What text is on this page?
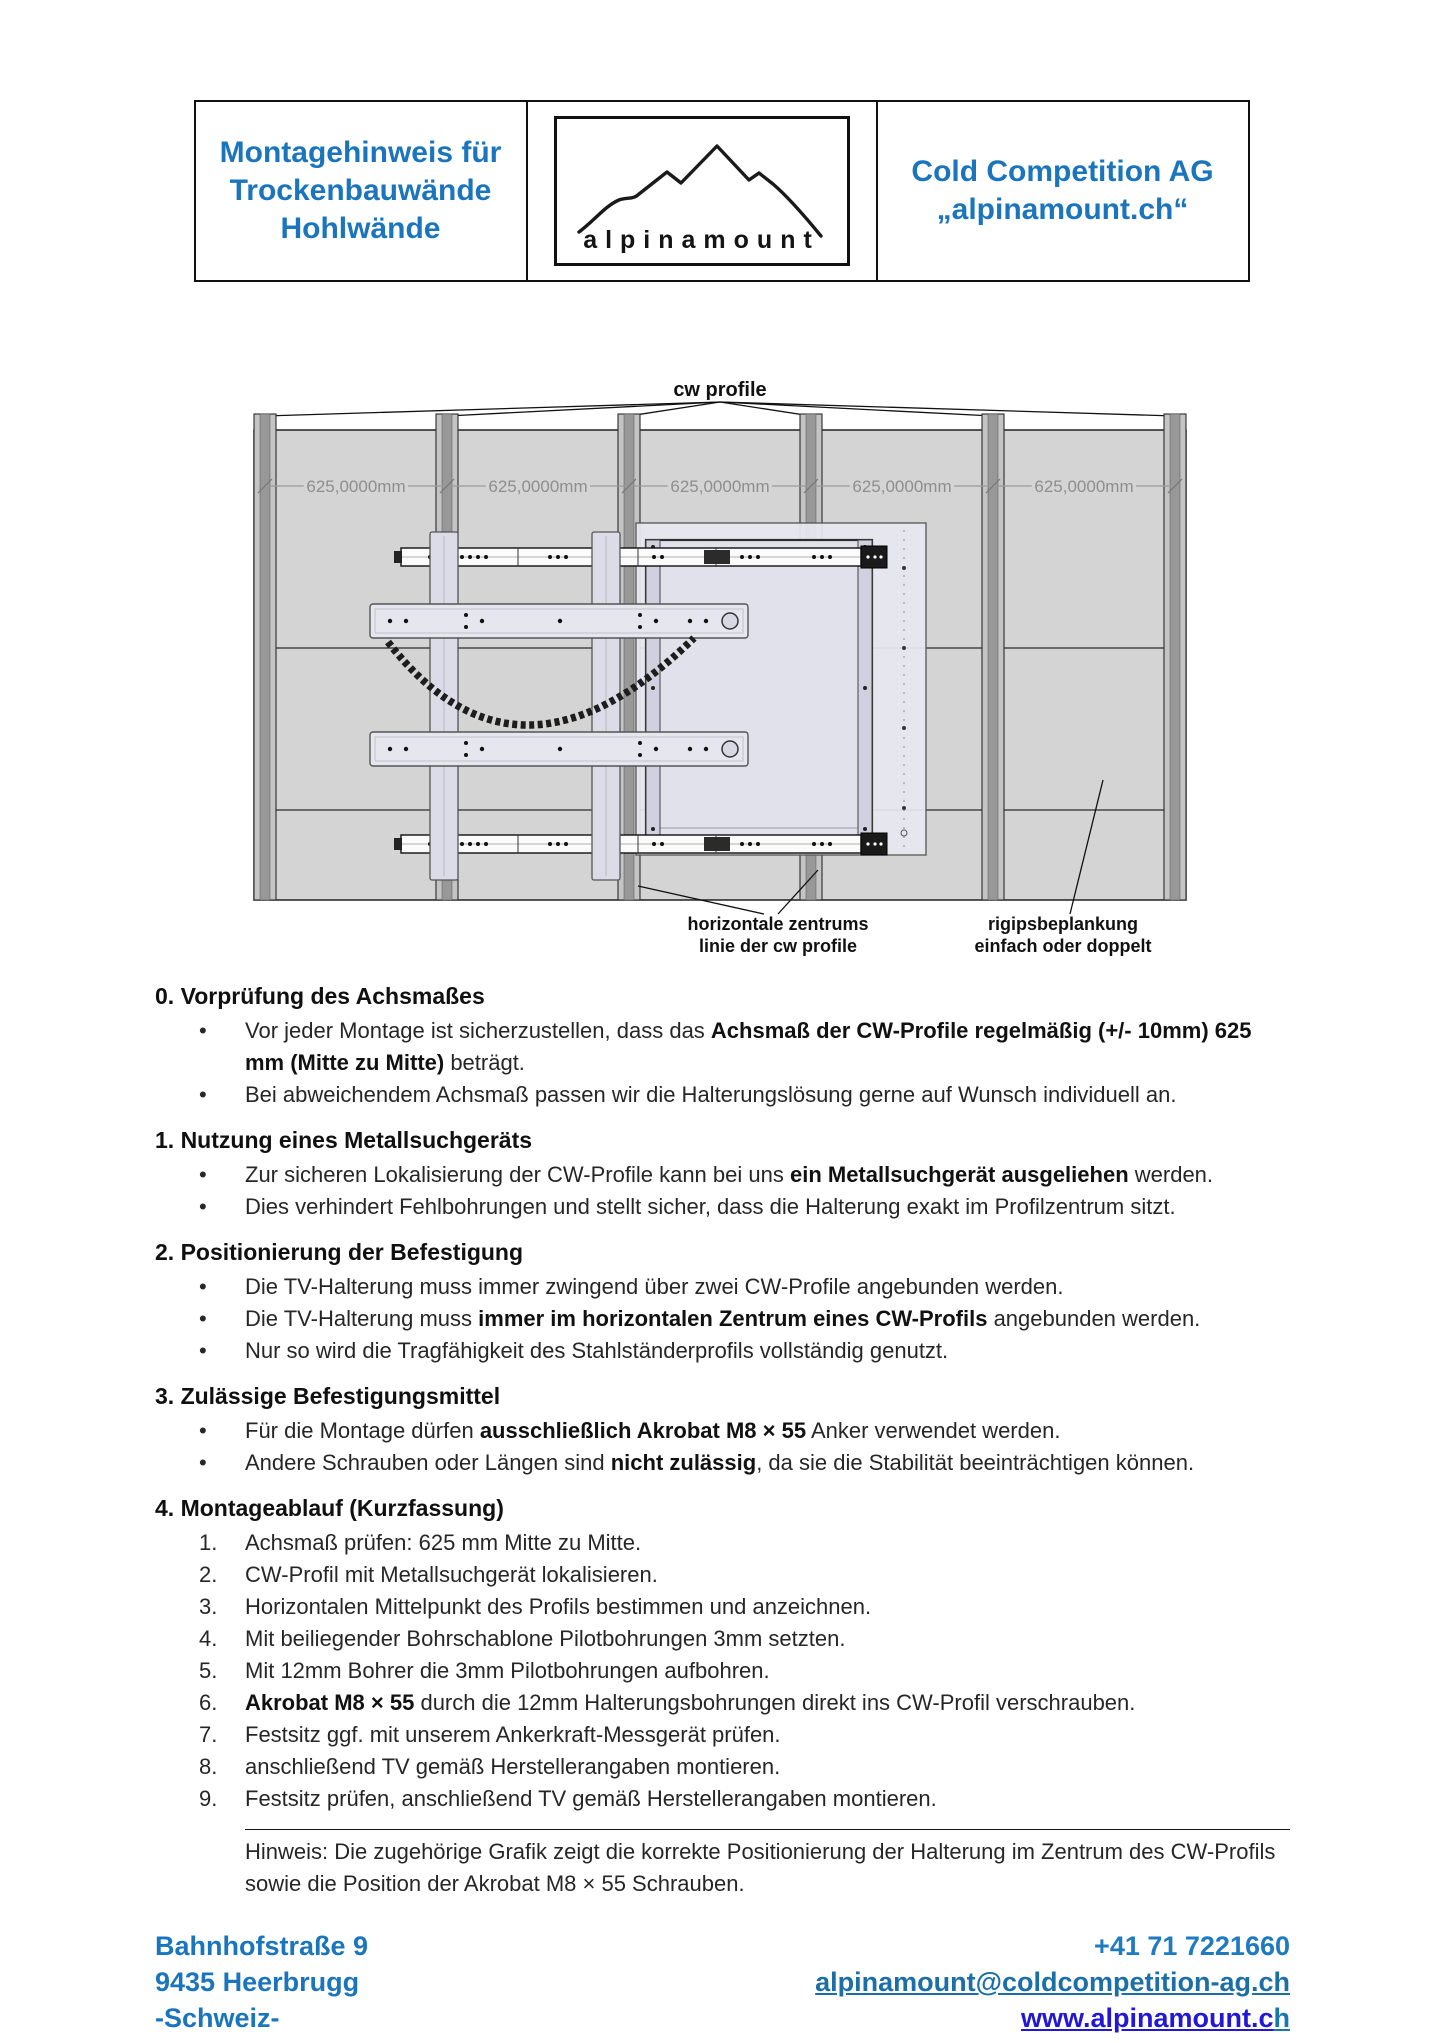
Montagehinweis für
Trockenbauwände
Hohlwände	alpinamount
Cold Competition AG
„alpinamount.ch“
cw profile
625,0000mm	625,0000mm	625,0000mm	625,0000mm	625,0000mm
horizontale zentrums
linie der cw profile
rigipsbeplankung
einfach oder doppelt
0. Vorprüfung des Achsmaßes
•	Vor jeder Montage ist sicherzustellen, dass das Achsmaß der CW-Profile regelmäßig (+/- 10mm) 625 mm (Mitte zu Mitte) beträgt.
•	Bei abweichendem Achsmaß passen wir die Halterungslösung gerne auf Wunsch individuell an.
1. Nutzung eines Metallsuchgeräts
•	Zur sicheren Lokalisierung der CW-Profile kann bei uns ein Metallsuchgerät ausgeliehen werden.
•	Dies verhindert Fehlbohrungen und stellt sicher, dass die Halterung exakt im Profilzentrum sitzt.
2. Positionierung der Befestigung
•	Die TV-Halterung muss immer zwingend über zwei CW-Profile angebunden werden.
•	Die TV-Halterung muss immer im horizontalen Zentrum eines CW-Profils angebunden werden.
•	Nur so wird die Tragfähigkeit des Stahlständerprofils vollständig genutzt.
3. Zulässige Befestigungsmittel
•	Für die Montage dürfen ausschließlich Akrobat M8 × 55 Anker verwendet werden.
•	Andere Schrauben oder Längen sind nicht zulässig, da sie die Stabilität beeinträchtigen können.
4. Montageablauf (Kurzfassung)
1.	Achsmaß prüfen: 625 mm Mitte zu Mitte.
2.	CW-Profil mit Metallsuchgerät lokalisieren.
3.	Horizontalen Mittelpunkt des Profils bestimmen und anzeichnen.
4.	Mit beiliegender Bohrschablone Pilotbohrungen 3mm setzten.
5.	Mit 12mm Bohrer die 3mm Pilotbohrungen aufbohren.
6.	Akrobat M8 × 55 durch die 12mm Halterungsbohrungen direkt ins CW-Profil verschrauben.
7.	Festsitz ggf. mit unserem Ankerkraft-Messgerät prüfen.
8.	anschließend TV gemäß Herstellerangaben montieren.
9.	Festsitz prüfen, anschließend TV gemäß Herstellerangaben montieren.

Hinweis: Die zugehörige Grafik zeigt die korrekte Positionierung der Halterung im Zentrum des CW-Profils sowie die Position der Akrobat M8 × 55 Schrauben.

Bahnhofstraße 9
9435 Heerbrugg
-Schweiz-
+41 71 7221660
alpinamount@coldcompetition-ag.ch
www.alpinamount.ch
